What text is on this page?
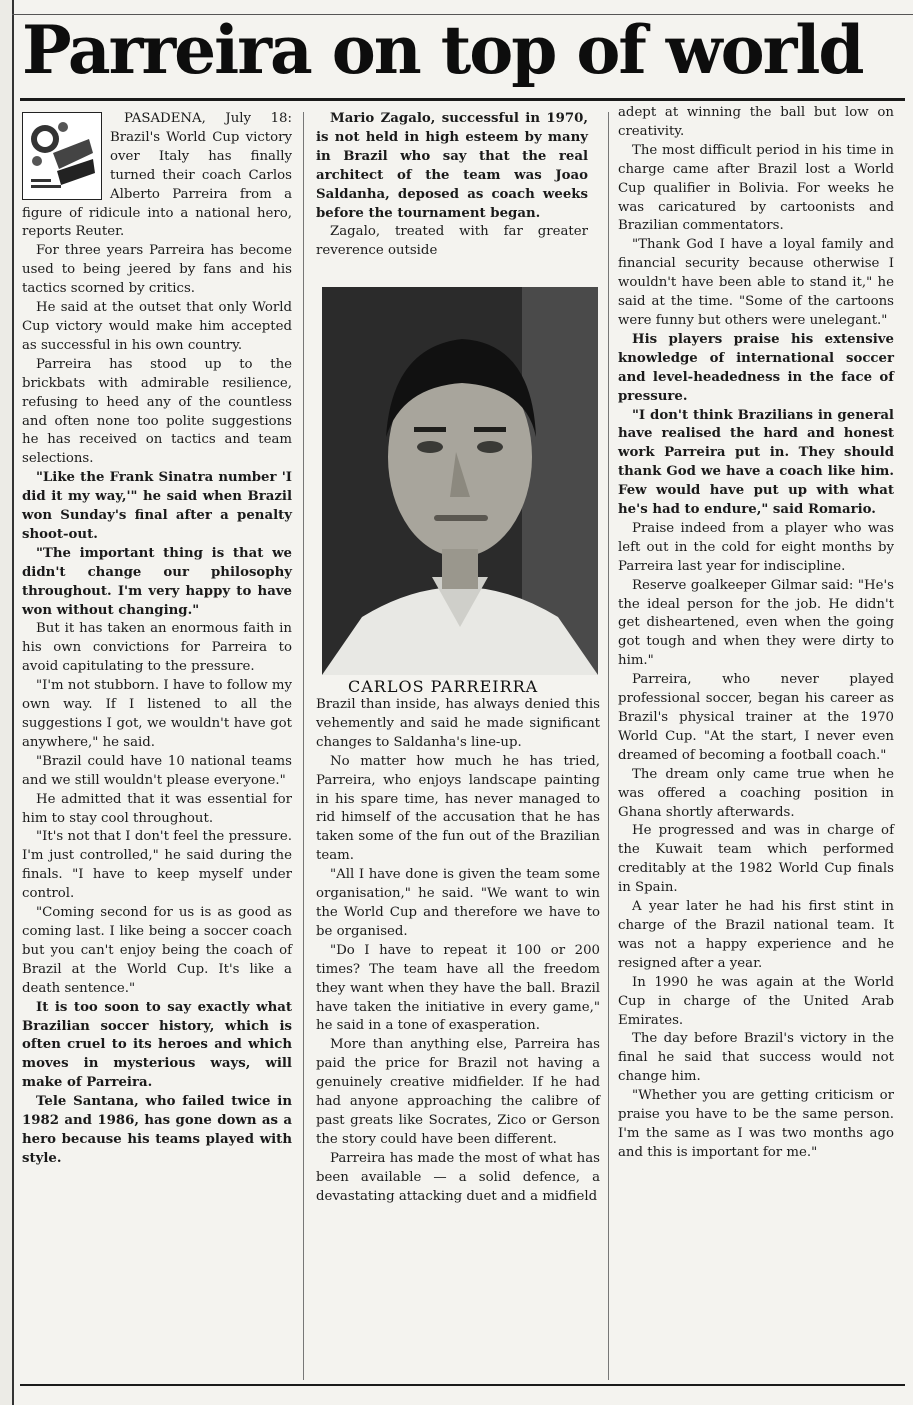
Parreira on top of world

PASADENA, July 18: Brazil's World Cup victory over Italy has finally turned their coach Carlos Alberto Parreira from a figure of ridicule into a national hero, reports Reuter.

For three years Parreira has become used to being jeered by fans and his tactics scorned by critics.

He said at the outset that only World Cup victory would make him accepted as successful in his own country.

Parreira has stood up to the brickbats with admirable resilience, refusing to heed any of the countless and often none too polite suggestions he has received on tactics and team selections.

"Like the Frank Sinatra number 'I did it my way,'" he said when Brazil won Sunday's final after a penalty shoot-out.

"The important thing is that we didn't change our philosophy throughout. I'm very happy to have won without changing."

But it has taken an enormous faith in his own convictions for Parreira to avoid capitulating to the pressure.

"I'm not stubborn. I have to follow my own way. If I listened to all the suggestions I got, we wouldn't have got anywhere," he said.

"Brazil could have 10 national teams and we still wouldn't please everyone."

He admitted that it was essential for him to stay cool throughout.

"It's not that I don't feel the pressure. I'm just controlled," he said during the finals. "I have to keep myself under control.

"Coming second for us is as good as coming last. I like being a soccer coach but you can't enjoy being the coach of Brazil at the World Cup. It's like a death sentence."

It is too soon to say exactly what Brazilian soccer history, which is often cruel to its heroes and which moves in mysterious ways, will make of Parreira.

Tele Santana, who failed twice in 1982 and 1986, has gone down as a hero because his teams played with style.

Mario Zagalo, successful in 1970, is not held in high esteem by many in Brazil who say that the real architect of the team was Joao Saldanha, deposed as coach weeks before the tournament began.

Zagalo, treated with far greater reverence outside

CARLOS PARREIRRA

Brazil than inside, has always denied this vehemently and said he made significant changes to Saldanha's line-up.

No matter how much he has tried, Parreira, who enjoys landscape painting in his spare time, has never managed to rid himself of the accusation that he has taken some of the fun out of the Brazilian team.

"All I have done is given the team some organisation," he said. "We want to win the World Cup and therefore we have to be organised.

"Do I have to repeat it 100 or 200 times? The team have all the freedom they want when they have the ball. Brazil have taken the initiative in every game," he said in a tone of exasperation.

More than anything else, Parreira has paid the price for Brazil not having a genuinely creative midfielder. If he had had anyone approaching the calibre of past greats like Socrates, Zico or Gerson the story could have been different.

Parreira has made the most of what has been available — a solid defence, a devastating attacking duet and a midfield

adept at winning the ball but low on creativity.

The most difficult period in his time in charge came after Brazil lost a World Cup qualifier in Bolivia. For weeks he was caricatured by cartoonists and Brazilian commentators.

"Thank God I have a loyal family and financial security because otherwise I wouldn't have been able to stand it," he said at the time. "Some of the cartoons were funny but others were unelegant."

His players praise his extensive knowledge of international soccer and level-headedness in the face of pressure.

"I don't think Brazilians in general have realised the hard and honest work Parreira put in. They should thank God we have a coach like him. Few would have put up with what he's had to endure," said Romario.

Praise indeed from a player who was left out in the cold for eight months by Parreira last year for indiscipline.

Reserve goalkeeper Gilmar said: "He's the ideal person for the job. He didn't get disheartened, even when the going got tough and when they were dirty to him."

Parreira, who never played professional soccer, began his career as Brazil's physical trainer at the 1970 World Cup. "At the start, I never even dreamed of becoming a football coach."

The dream only came true when he was offered a coaching position in Ghana shortly afterwards.

He progressed and was in charge of the Kuwait team which performed creditably at the 1982 World Cup finals in Spain.

A year later he had his first stint in charge of the Brazil national team. It was not a happy experience and he resigned after a year.

In 1990 he was again at the World Cup in charge of the United Arab Emirates.

The day before Brazil's victory in the final he said that success would not change him.

"Whether you are getting criticism or praise you have to be the same person. I'm the same as I was two months ago and this is important for me."
